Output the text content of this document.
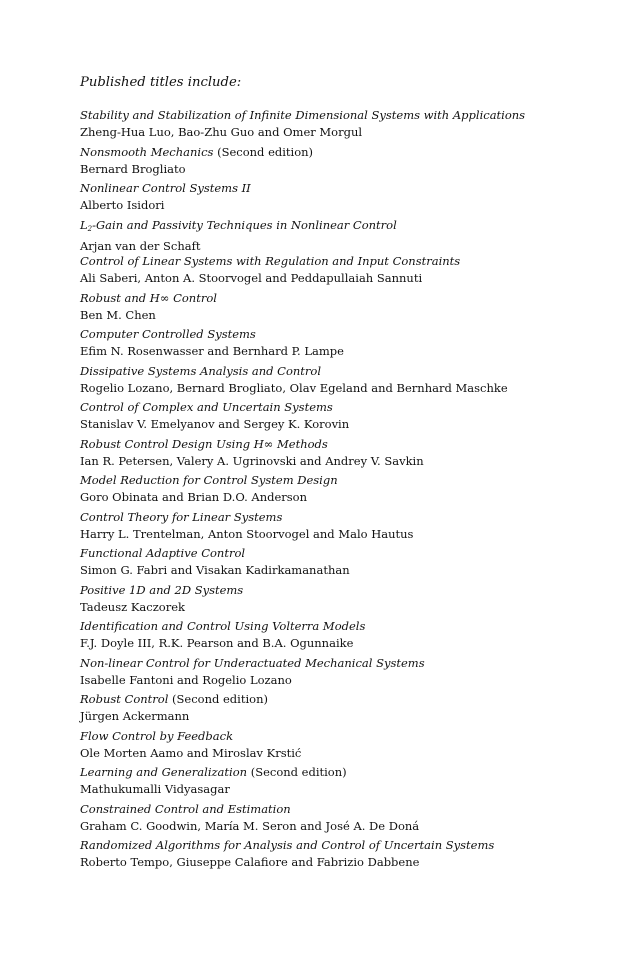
Published titles include:
Stability and Stabilization of Infinite Dimensional Systems with Applications
Zheng-Hua Luo, Bao-Zhu Guo and Omer Morgul
Nonsmooth Mechanics (Second edition)
Bernard Brogliato
Nonlinear Control Systems II
Alberto Isidori
$L_2$-Gain and Passivity Techniques in Nonlinear Control
Arjan van der Schaft
Control of Linear Systems with Regulation and Input Constraints
Ali Saberi, Anton A. Stoorvogel and Peddapullaiah Sannuti
Robust and H∞ Control
Ben M. Chen
Computer Controlled Systems
Efim N. Rosenwasser and Bernhard P. Lampe
Dissipative Systems Analysis and Control
Rogelio Lozano, Bernard Brogliato, Olav Egeland and Bernhard Maschke
Control of Complex and Uncertain Systems
Stanislav V. Emelyanov and Sergey K. Korovin
Robust Control Design Using H∞ Methods
Ian R. Petersen, Valery A. Ugrinovski and Andrey V. Savkin
Model Reduction for Control System Design
Goro Obinata and Brian D.O. Anderson
Control Theory for Linear Systems
Harry L. Trentelman, Anton Stoorvogel and Malo Hautus
Functional Adaptive Control
Simon G. Fabri and Visakan Kadirkamanathan
Positive 1D and 2D Systems
Tadeusz Kaczorek
Identification and Control Using Volterra Models
F.J. Doyle III, R.K. Pearson and B.A. Ogunnaike
Non-linear Control for Underactuated Mechanical Systems
Isabelle Fantoni and Rogelio Lozano
Robust Control (Second edition)
Jürgen Ackermann
Flow Control by Feedback
Ole Morten Aamo and Miroslav Krstić
Learning and Generalization (Second edition)
Mathukumalli Vidyasagar
Constrained Control and Estimation
Graham C. Goodwin, María M. Seron and José A. De Doná
Randomized Algorithms for Analysis and Control of Uncertain Systems
Roberto Tempo, Giuseppe Calafiore and Fabrizio Dabbene
